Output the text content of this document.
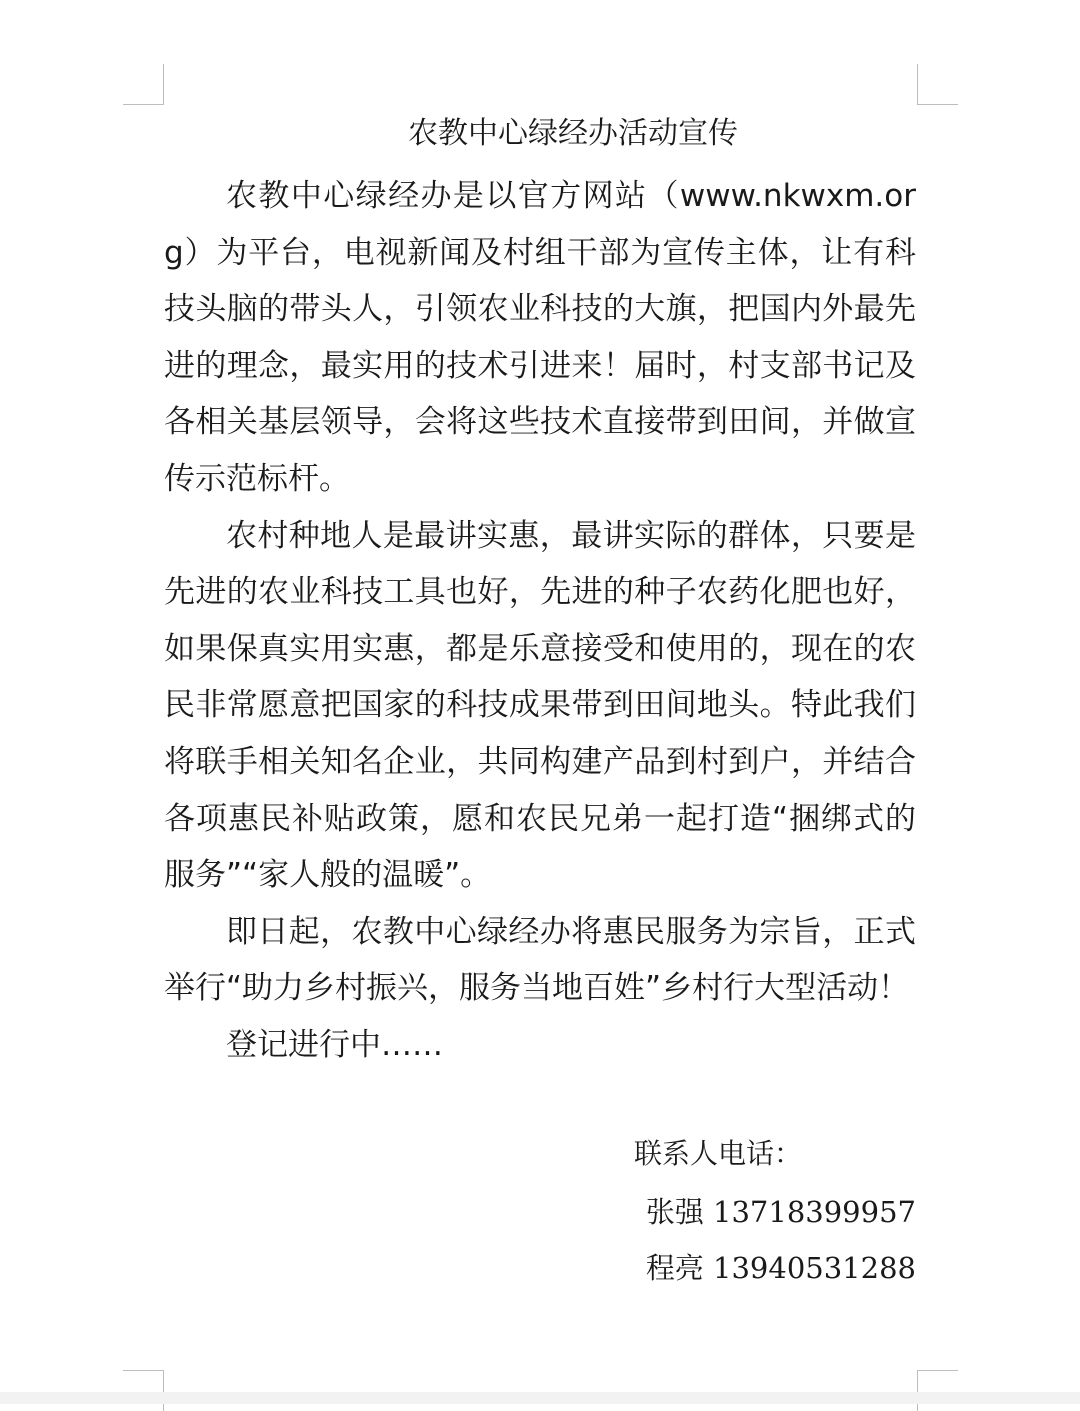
农教中心绿经办活动宣传

农教中心绿经办是以官方网站（www.nkwxm.org）为平台，电视新闻及村组干部为宣传主体，让有科技头脑的带头人，引领农业科技的大旗，把国内外最先进的理念，最实用的技术引进来！届时，村支部书记及各相关基层领导，会将这些技术直接带到田间，并做宣传示范标杆。

农村种地人是最讲实惠，最讲实际的群体，只要是先进的农业科技工具也好，先进的种子农药化肥也好，如果保真实用实惠，都是乐意接受和使用的，现在的农民非常愿意把国家的科技成果带到田间地头。特此我们将联手相关知名企业，共同构建产品到村到户，并结合各项惠民补贴政策，愿和农民兄弟一起打造“捆绑式的服务”“家人般的温暖”。

即日起，农教中心绿经办将惠民服务为宗旨，正式举行“助力乡村振兴，服务当地百姓”乡村行大型活动！

登记进行中……

联系人电话：
张强 13718399957
程亮 13940531288
